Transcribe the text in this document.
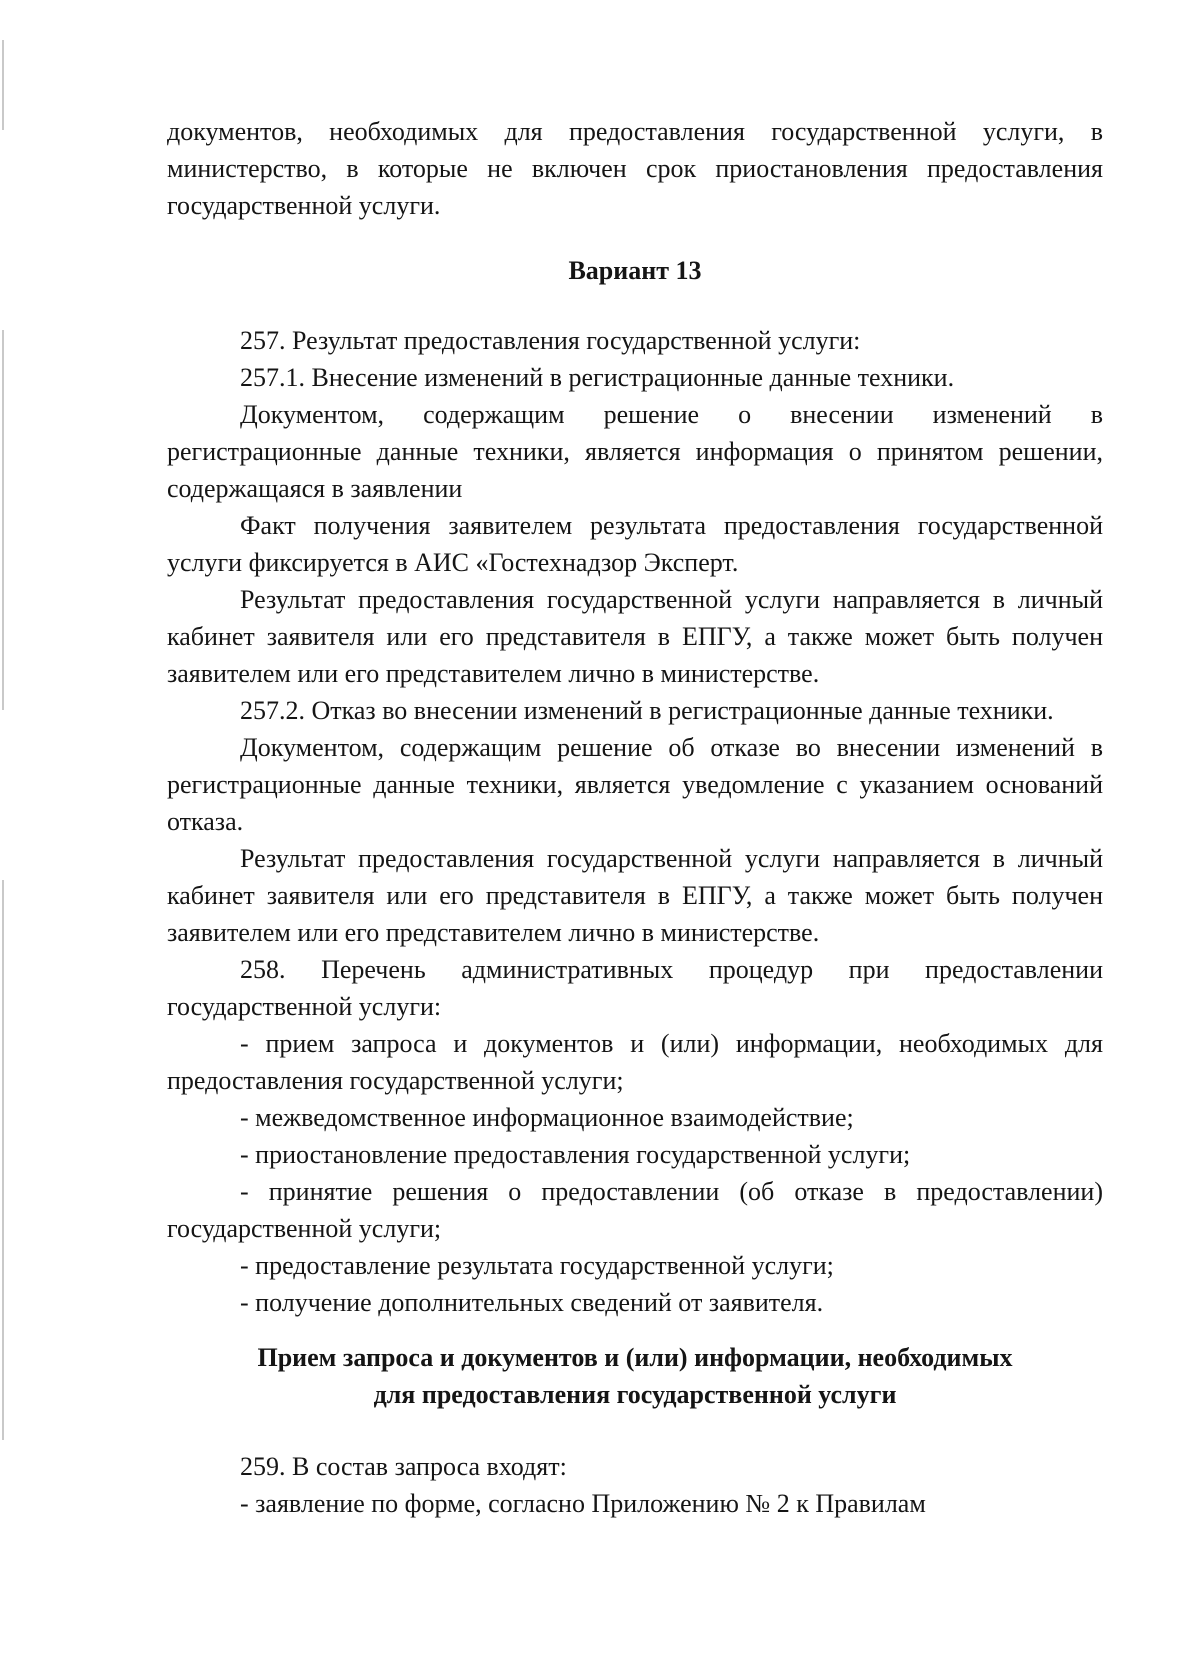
документов, необходимых для предоставления государственной услуги, в министерство, в которые не включен срок приостановления предоставления государственной услуги.

Вариант 13

257. Результат предоставления государственной услуги:

257.1. Внесение изменений в регистрационные данные техники.

Документом, содержащим решение о внесении изменений в регистрационные данные техники, является информация о принятом решении, содержащаяся в заявлении

Факт получения заявителем результата предоставления государственной услуги фиксируется в АИС «Гостехнадзор Эксперт.

Результат предоставления государственной услуги направляется в личный кабинет заявителя или его представителя в ЕПГУ, а также может быть получен заявителем или его представителем лично в министерстве.

257.2. Отказ во внесении изменений в регистрационные данные техники.

Документом, содержащим решение об отказе во внесении изменений в регистрационные данные техники, является уведомление с указанием оснований отказа.

Результат предоставления государственной услуги направляется в личный кабинет заявителя или его представителя в ЕПГУ, а также может быть получен заявителем или его представителем лично в министерстве.

258. Перечень административных процедур при предоставлении государственной услуги:

- прием запроса и документов и (или) информации, необходимых для предоставления государственной услуги;

- межведомственное информационное взаимодействие;

- приостановление предоставления государственной услуги;

- принятие решения о предоставлении (об отказе в предоставлении) государственной услуги;

- предоставление результата государственной услуги;

- получение дополнительных сведений от заявителя.

Прием запроса и документов и (или) информации, необходимых

для предоставления государственной услуги

259. В состав запроса входят:

- заявление по форме, согласно Приложению № 2 к Правилам
